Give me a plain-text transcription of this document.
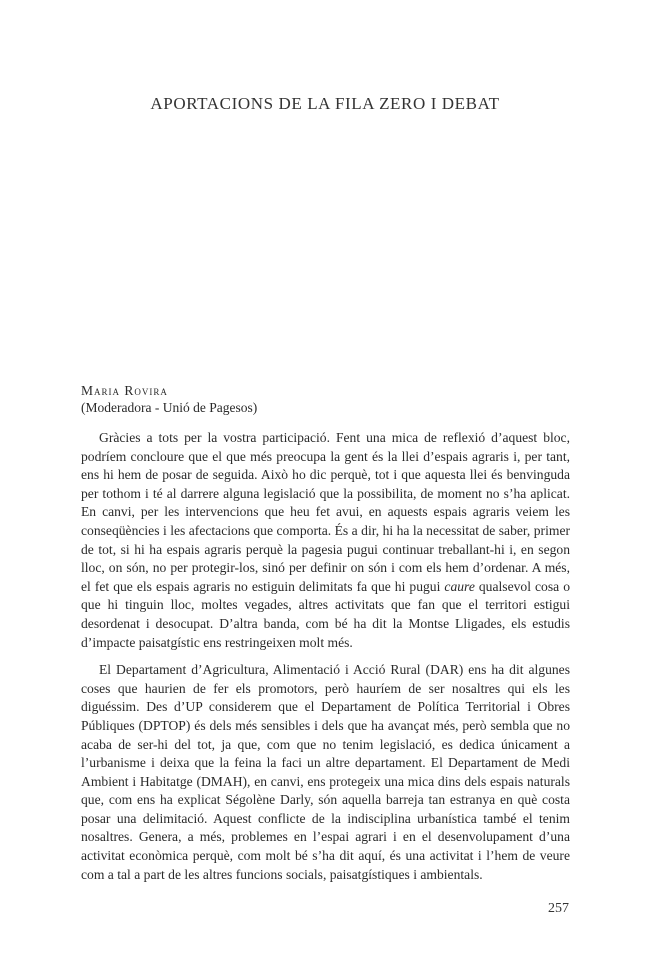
APORTACIONS DE LA FILA ZERO I DEBAT
Maria Rovira
(Moderadora - Unió de Pagesos)

Gràcies a tots per la vostra participació. Fent una mica de reflexió d’aquest bloc, podríem concloure que el que més preocupa la gent és la llei d’espais agraris i, per tant, ens hi hem de posar de seguida. Això ho dic perquè, tot i que aquesta llei és benvinguda per tothom i té al darrere alguna legislació que la possibilita, de moment no s’ha aplicat. En canvi, per les intervencions que heu fet avui, en aquests espais agraris veiem les conseqüències i les afectacions que comporta. És a dir, hi ha la necessitat de saber, primer de tot, si hi ha espais agraris perquè la pagesia pugui continuar treballant-hi i, en segon lloc, on són, no per protegir-los, sinó per definir on són i com els hem d’ordenar. A més, el fet que els espais agraris no estiguin delimitats fa que hi pugui caure qualsevol cosa o que hi tinguin lloc, moltes vegades, altres activitats que fan que el territori estigui desordenat i desocupat. D’altra banda, com bé ha dit la Montse Lligades, els estudis d’impacte paisatgístic ens restringeixen molt més.

El Departament d’Agricultura, Alimentació i Acció Rural (DAR) ens ha dit algunes coses que haurien de fer els promotors, però hauríem de ser nosaltres qui els les diguéssim. Des d’UP considerem que el Departament de Política Territorial i Obres Públiques (DPTOP) és dels més sensibles i dels que ha avançat més, però sembla que no acaba de ser-hi del tot, ja que, com que no tenim legislació, es dedica únicament a l’urbanisme i deixa que la feina la faci un altre departament. El Departament de Medi Ambient i Habitatge (DMAH), en canvi, ens protegeix una mica dins dels espais naturals que, com ens ha explicat Ségolène Darly, són aquella barreja tan estranya en què costa posar una delimitació. Aquest conflicte de la indisciplina urbanística també el tenim nosaltres. Genera, a més, problemes en l’espai agrari i en el desenvolupament d’una activitat econòmica perquè, com molt bé s’ha dit aquí, és una activitat i l’hem de veure com a tal a part de les altres funcions socials, paisatgístiques i ambientals.

257
